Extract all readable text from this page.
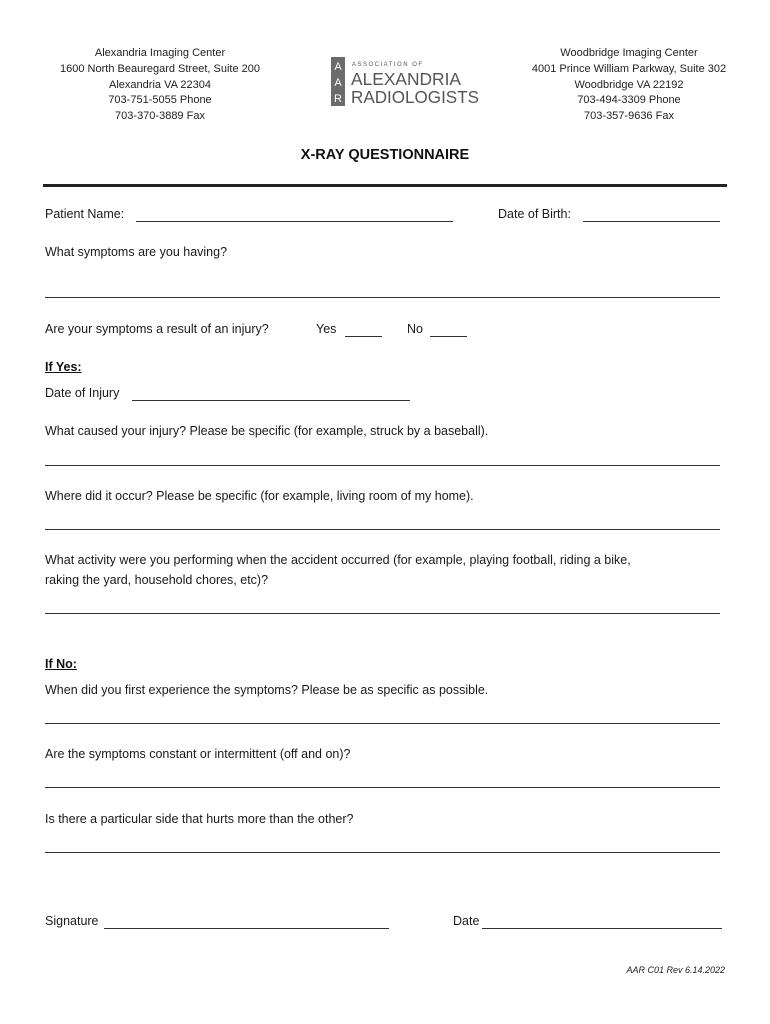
Alexandria Imaging Center
1600 North Beauregard Street, Suite 200
Alexandria VA 22304
703-751-5055 Phone
703-370-3889 Fax
Woodbridge Imaging Center
4001 Prince William Parkway, Suite 302
Woodbridge VA 22192
703-494-3309 Phone
703-357-9636 Fax
A
A
R
ASSOCIATION OF
ALEXANDRIA
RADIOLOGISTS
X-RAY QUESTIONNAIRE
Patient Name:	Date of Birth:
What symptoms are you having?
Are your symptoms a result of an injury?	Yes	No
If Yes:
Date of Injury
What caused your injury? Please be specific (for example, struck by a baseball).
Where did it occur? Please be specific (for example, living room of my home).
What activity were you performing when the accident occurred (for example, playing football, riding a bike,
raking the yard, household chores, etc)?
If No:
When did you first experience the symptoms? Please be as specific as possible.
Are the symptoms constant or intermittent (off and on)?
Is there a particular side that hurts more than the other?
Signature	Date
AAR C01 Rev 6.14.2022
